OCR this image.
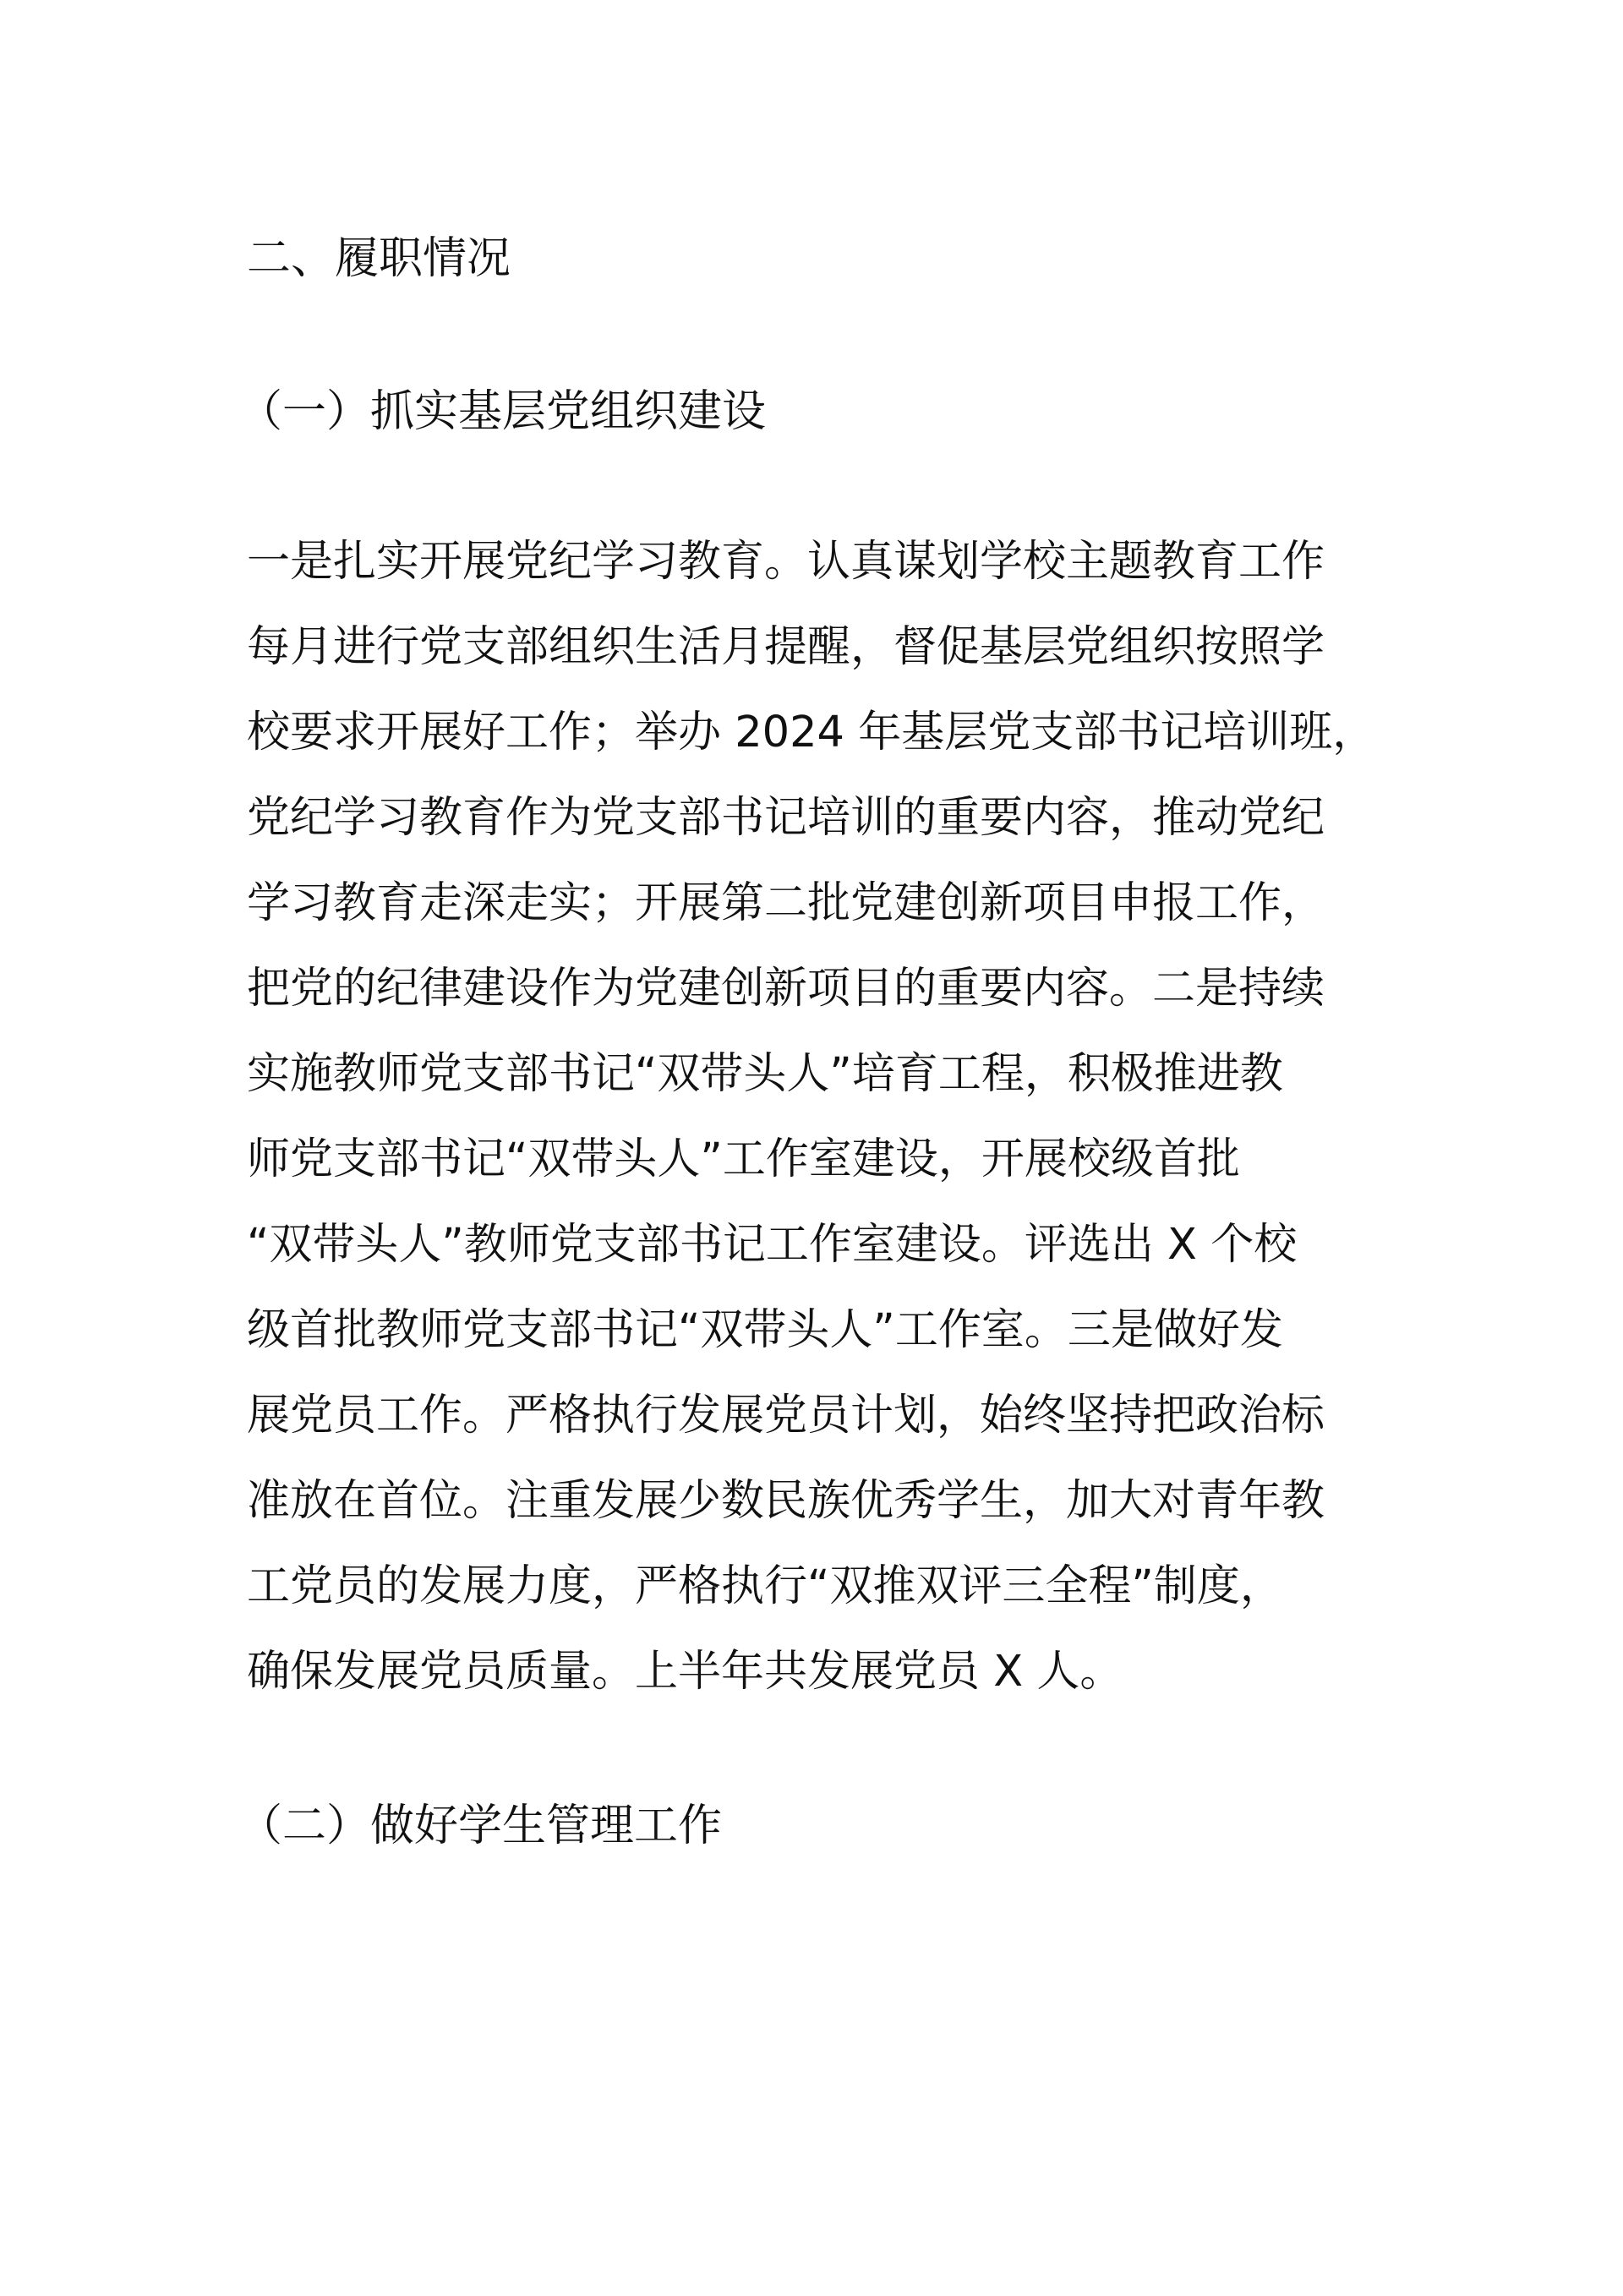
二、履职情况
（一）抓实基层党组织建设

一是扎实开展党纪学习教育。认真谋划学校主题教育工作
每月进行党支部组织生活月提醒，督促基层党组织按照学
校要求开展好工作；举办 2024 年基层党支部书记培训班，
党纪学习教育作为党支部书记培训的重要内容，推动党纪
学习教育走深走实；开展第二批党建创新项目申报工作，
把党的纪律建设作为党建创新项目的重要内容。二是持续
实施教师党支部书记“双带头人”培育工程，积极推进教
师党支部书记“双带头人”工作室建设，开展校级首批
“双带头人”教师党支部书记工作室建设。评选出 X 个校
级首批教师党支部书记“双带头人”工作室。三是做好发
展党员工作。严格执行发展党员计划，始终坚持把政治标
准放在首位。注重发展少数民族优秀学生，加大对青年教
工党员的发展力度，严格执行“双推双评三全程”制度，
确保发展党员质量。上半年共发展党员 X 人。

（二）做好学生管理工作
